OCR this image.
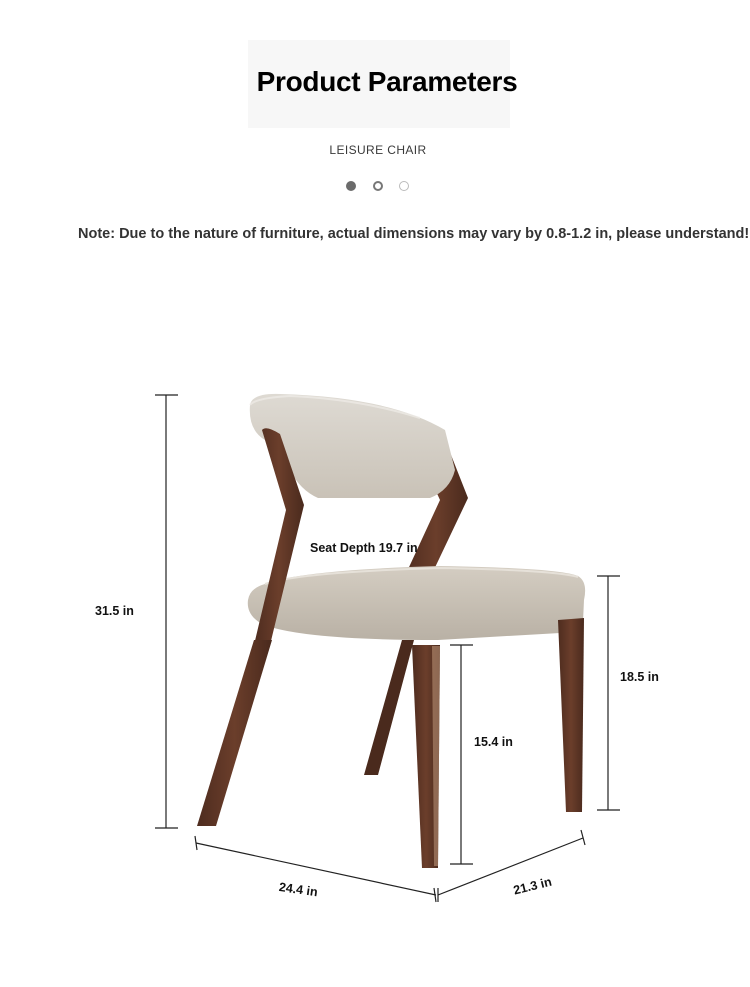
Product Parameters
LEISURE CHAIR
Note: Due to the nature of furniture, actual dimensions may vary by 0.8-1.2 in, please understand!
31.5 in
Seat Depth 19.7 in
18.5 in
15.4 in
24.4 in	21.3 in
